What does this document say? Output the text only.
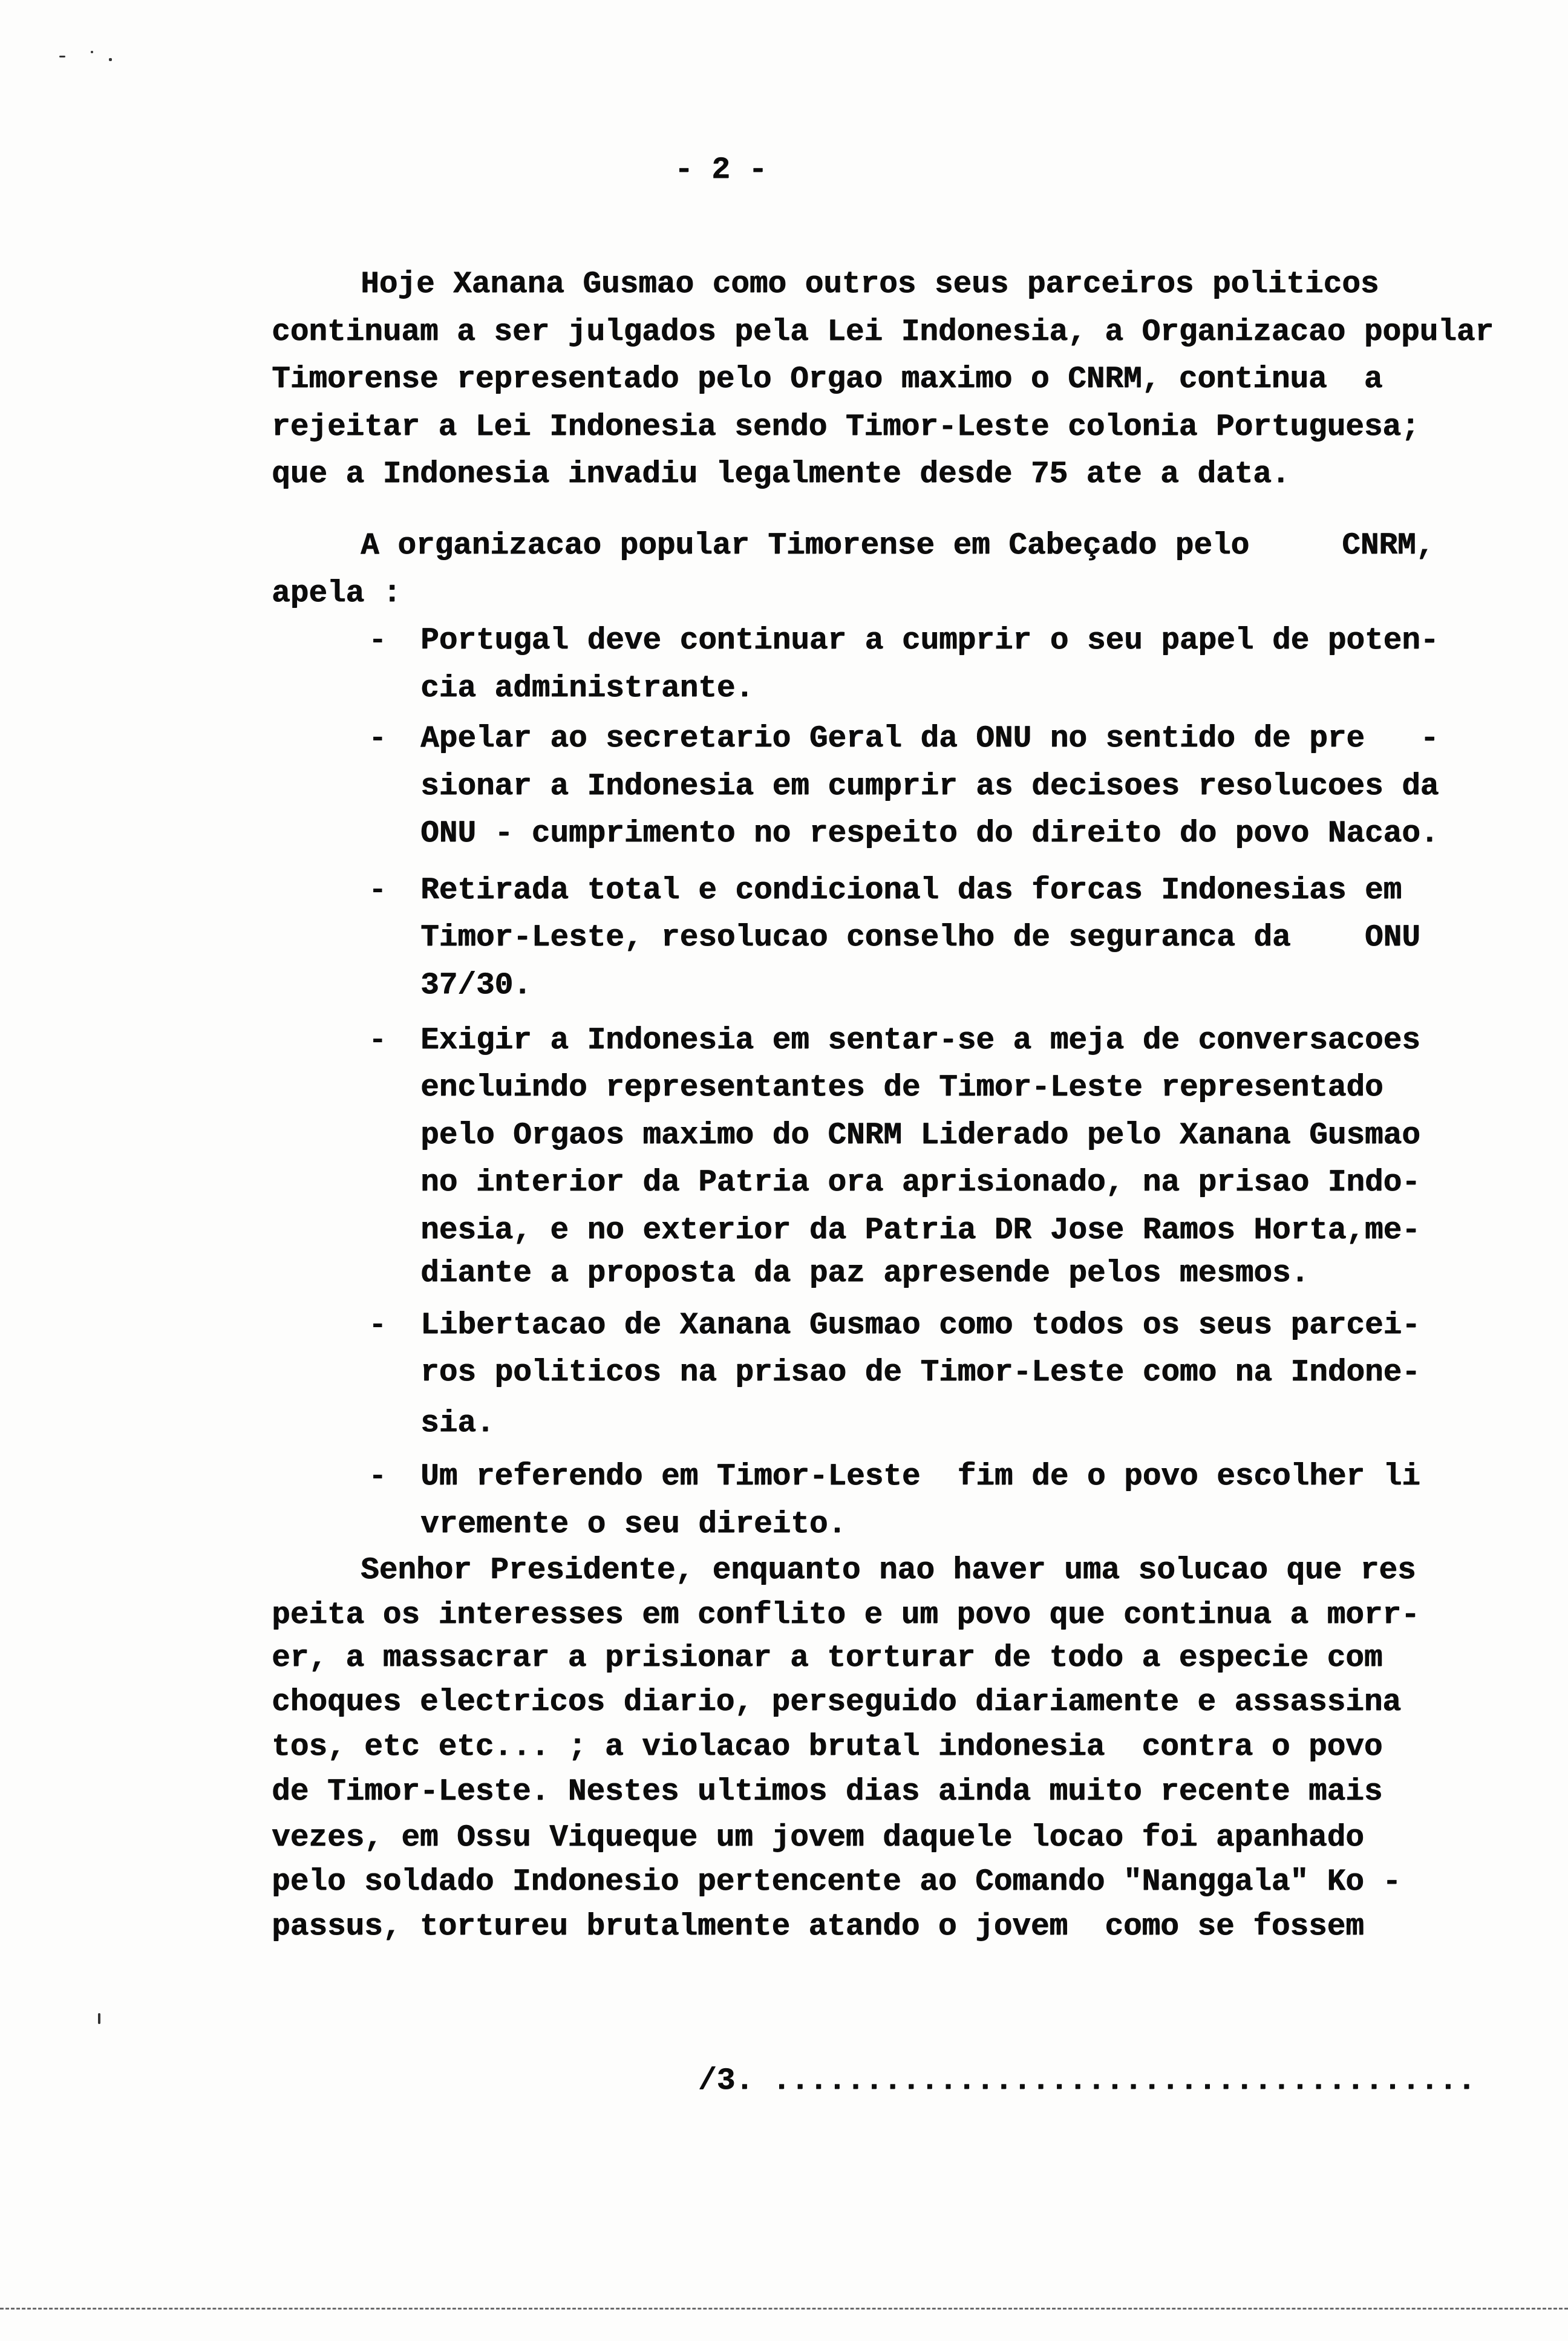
- 2 -
Hoje Xanana Gusmao como outros seus parceiros politicos
continuam a ser julgados pela Lei Indonesia, a Organizacao popular
Timorense representado pelo Orgao maximo o CNRM, continua  a
rejeitar a Lei Indonesia sendo Timor-Leste colonia Portuguesa;
que a Indonesia invadiu legalmente desde 75 ate a data.
A organizacao popular Timorense em Cabeçado pelo     CNRM,
apela :
- Portugal deve continuar a cumprir o seu papel de poten-
cia administrante.
- Apelar ao secretario Geral da ONU no sentido de pre   -
sionar a Indonesia em cumprir as decisoes resolucoes da
ONU - cumprimento no respeito do direito do povo Nacao.
- Retirada total e condicional das forcas Indonesias em
Timor-Leste, resolucao conselho de seguranca da    ONU
37/30.
- Exigir a Indonesia em sentar-se a meja de conversacoes
encluindo representantes de Timor-Leste representado
pelo Orgaos maximo do CNRM Liderado pelo Xanana Gusmao
no interior da Patria ora aprisionado, na prisao Indo-
nesia, e no exterior da Patria DR Jose Ramos Horta,me-
diante a proposta da paz apresende pelos mesmos.
- Libertacao de Xanana Gusmao como todos os seus parcei-
ros politicos na prisao de Timor-Leste como na Indone-
sia.
- Um referendo em Timor-Leste  fim de o povo escolher li
vremente o seu direito.
Senhor Presidente, enquanto nao haver uma solucao que res
peita os interesses em conflito e um povo que continua a morr-
er, a massacrar a prisionar a torturar de todo a especie com
choques electricos diario, perseguido diariamente e assassina
tos, etc etc... ; a violacao brutal indonesia  contra o povo
de Timor-Leste. Nestes ultimos dias ainda muito recente mais
vezes, em Ossu Viqueque um jovem daquele locao foi apanhado
pelo soldado Indonesio pertencente ao Comando "Nanggala" Ko -
passus, tortureu brutalmente atando o jovem  como se fossem
/3. ......................................
